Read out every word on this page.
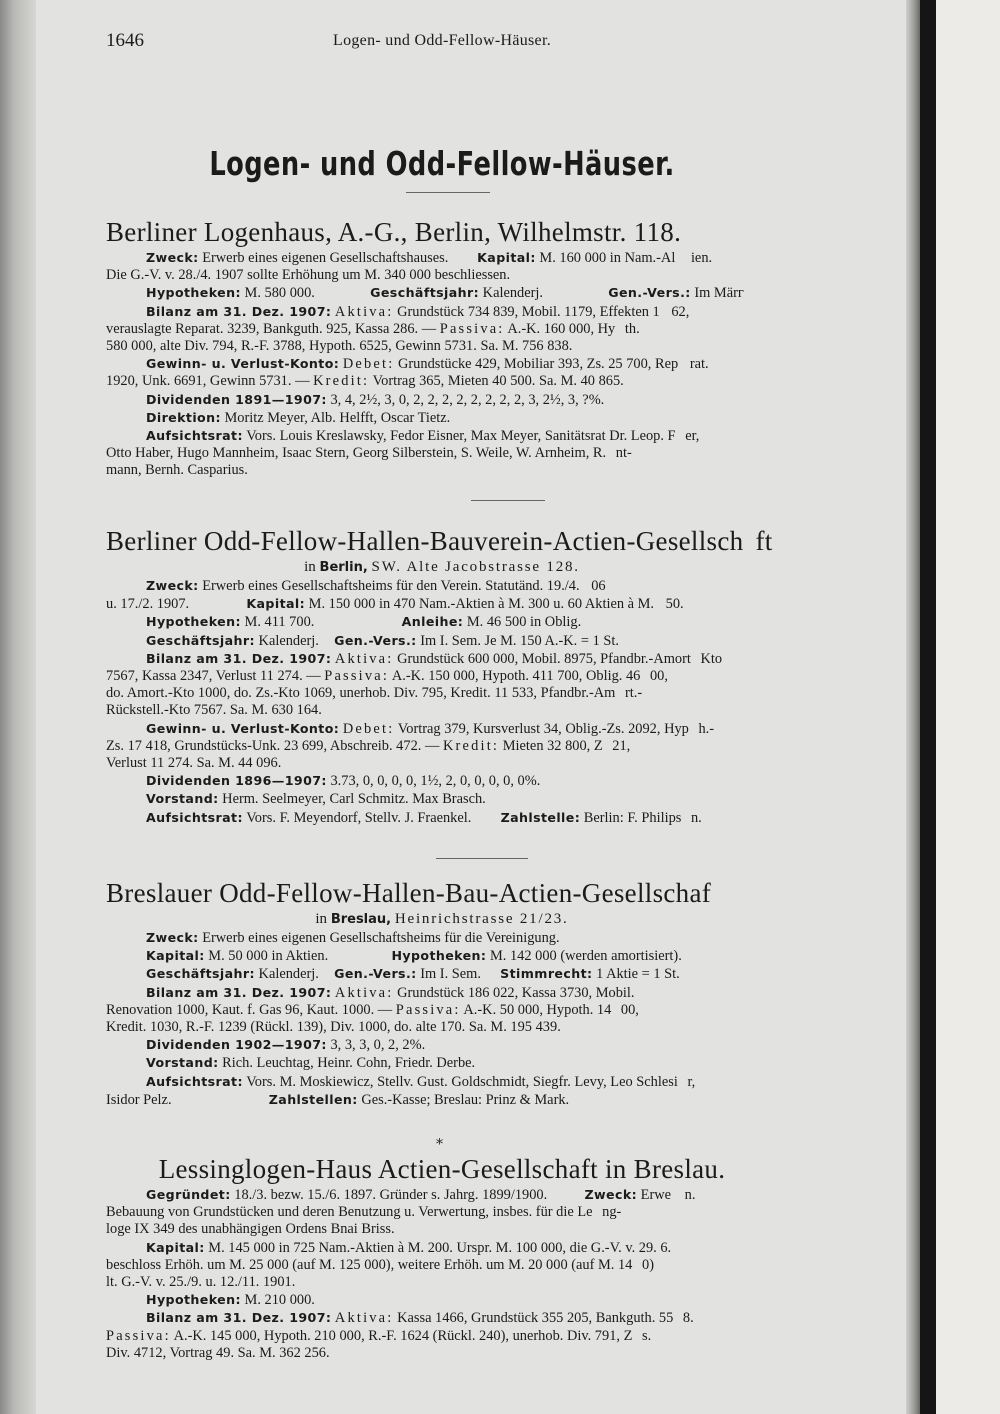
1646	Logen- und Odd-Fellow-Häuser.
Logen- und Odd-Fellow-Häuser.
Berliner Logenhaus, A.-G., Berlin, Wilhelmstr. 118.

Zweck: Erwerb eines eigenen Gesellschaftshauses. Kapital: M. 160 000 in Nam.-Al ien.

Die G.-V. v. 28./4. 1907 sollte Erhöhung um M. 340 000 beschliessen.

Hypotheken: M. 580 000.	Geschäftsjahr: Kalenderj.	Gen.-Vers.: Im Märг

Bilanz am 31. Dez. 1907: Aktiva: Grundstück 734 839, Mobil. 1179, Effekten 1 62,

verauslagte Reparat. 3239, Bankguth. 925, Kassa 286. — Passiva: A.-K. 160 000, Hy th.

580 000, alte Div. 794, R.-F. 3788, Hypoth. 6525, Gewinn 5731. Sa. M. 756 838.

Gewinn- u. Verlust-Konto: Debet: Grundstücke 429, Mobiliar 393, Zs. 25 700, Rep rat.

1920, Unk. 6691, Gewinn 5731. — Kredit: Vortrag 365, Mieten 40 500. Sa. M. 40 865.

Dividenden 1891—1907: 3, 4, 2½, 3, 0, 2, 2, 2, 2, 2, 2, 2, 2, 3, 2½, 3, ?%.

Direktion: Moritz Meyer, Alb. Helfft, Oscar Tietz.

Aufsichtsrat: Vors. Louis Kreslawsky, Fedor Eisner, Max Meyer, Sanitätsrat Dr. Leop. F er,

Otto Haber, Hugo Mannheim, Isaac Stern, Georg Silberstein, S. Weile, W. Arnheim, R. nt-

mann, Bernh. Casparius.

Berliner Odd-Fellow-Hallen-Bauverein-Actien-Gesellsch ft
in Berlin, SW. Alte Jacobstrasse 128.

Zweck: Erwerb eines Gesellschaftsheims für den Verein. Statutänd. 19./4. 06

u. 17./2. 1907.	Kapital: M. 150 000 in 470 Nam.-Aktien à M. 300 u. 60 Aktien à M. 50.

Hypotheken: M. 411 700.	Anleihe: M. 46 500 in Oblig.

Geschäftsjahr: Kalenderj. Gen.-Vers.: Im I. Sem. Je M. 150 A.-K. = 1 St.

Bilanz am 31. Dez. 1907: Aktiva: Grundstück 600 000, Mobil. 8975, Pfandbr.-Amort Kto

7567, Kassa 2347, Verlust 11 274. — Passiva: A.-K. 150 000, Hypoth. 411 700, Oblig. 46 00,

do. Amort.-Kto 1000, do. Zs.-Kto 1069, unerhob. Div. 795, Kredit. 11 533, Pfandbr.-Am rt.-

Rückstell.-Kto 7567. Sa. M. 630 164.

Gewinn- u. Verlust-Konto: Debet: Vortrag 379, Kursverlust 34, Oblig.-Zs. 2092, Hyp h.-

Zs. 17 418, Grundstücks-Unk. 23 699, Abschreib. 472. — Kredit: Mieten 32 800, Z 21,

Verlust 11 274. Sa. M. 44 096.

Dividenden 1896—1907: 3.73, 0, 0, 0, 0, 1½, 2, 0, 0, 0, 0, 0%.

Vorstand: Herm. Seelmeyer, Carl Schmitz. Max Brasch.

Aufsichtsrat: Vors. F. Meyendorf, Stellv. J. Fraenkel. Zahlstelle: Berlin: F. Philips n.

Breslauer Odd-Fellow-Hallen-Bau-Actien-Gesellschaf
in Breslau, Heinrichstrasse 21/23.

Zweck: Erwerb eines eigenen Gesellschaftsheims für die Vereinigung.

Kapital: M. 50 000 in Aktien.	Hypotheken: M. 142 000 (werden amortisiert).

Geschäftsjahr: Kalenderj. Gen.-Vers.: Im I. Sem. Stimmrecht: 1 Aktie = 1 St.

Bilanz am 31. Dez. 1907: Aktiva: Grundstück 186 022, Kassa 3730, Mobil.

Renovation 1000, Kaut. f. Gas 96, Kaut. 1000. — Passiva: A.-K. 50 000, Hypoth. 14 00,

Kredit. 1030, R.-F. 1239 (Rückl. 139), Div. 1000, do. alte 170. Sa. M. 195 439.

Dividenden 1902—1907: 3, 3, 3, 0, 2, 2%.

Vorstand: Rich. Leuchtag, Heinr. Cohn, Friedr. Derbe.

Aufsichtsrat: Vors. M. Moskiewicz, Stellv. Gust. Goldschmidt, Siegfr. Levy, Leo Schlesi r,

Isidor Pelz.	Zahlstellen: Ges.-Kasse; Breslau: Prinz & Mark.

⁎
Lessinglogen-Haus Actien-Gesellschaft in Breslau.

Gegründet: 18./3. bezw. 15./6. 1897. Gründer s. Jahrg. 1899/1900.	Zweck: Erwe n.

Bebauung von Grundstücken und deren Benutzung u. Verwertung, insbes. für die Le ng-

loge IX 349 des unabhängigen Ordens Bnai Briss.

Kapital: M. 145 000 in 725 Nam.-Aktien à M. 200. Urspr. M. 100 000, die G.-V. v. 29. 6.

beschloss Erhöh. um M. 25 000 (auf M. 125 000), weitere Erhöh. um M. 20 000 (auf M. 14 0)

lt. G.-V. v. 25./9. u. 12./11. 1901.

Hypotheken: M. 210 000.

Bilanz am 31. Dez. 1907: Aktiva: Kassa 1466, Grundstück 355 205, Bankguth. 55 8.

Passiva: A.-K. 145 000, Hypoth. 210 000, R.-F. 1624 (Rückl. 240), unerhob. Div. 791, Z s.

Div. 4712, Vortrag 49. Sa. M. 362 256.
